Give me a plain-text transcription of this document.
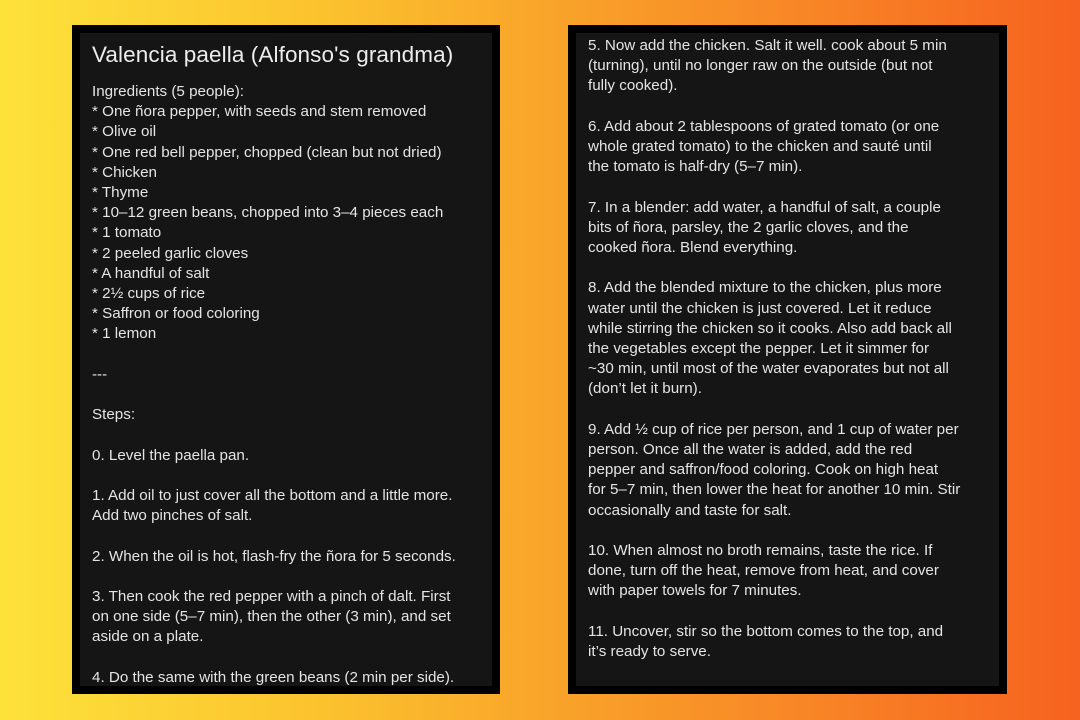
Valencia paella (Alfonso's grandma)
Ingredients (5 people):
* One ñora pepper, with seeds and stem removed
* Olive oil
* One red bell pepper, chopped (clean but not dried)
* Chicken
* Thyme
* 10–12 green beans, chopped into 3–4 pieces each
* 1 tomato
* 2 peeled garlic cloves
* A handful of salt
* 2½ cups of rice
* Saffron or food coloring
* 1 lemon
---
Steps:
0. Level the paella pan.
1. Add oil to just cover all the bottom and a little more.
Add two pinches of salt.
2. When the oil is hot, flash-fry the ñora for 5 seconds.
3. Then cook the red pepper with a pinch of dalt. First
on one side (5–7 min), then the other (3 min), and set
aside on a plate.
4. Do the same with the green beans (2 min per side).
5. Now add the chicken. Salt it well. cook about 5 min
(turning), until no longer raw on the outside (but not
fully cooked).
6. Add about 2 tablespoons of grated tomato (or one
whole grated tomato) to the chicken and sauté until
the tomato is half-dry (5–7 min).
7. In a blender: add water, a handful of salt, a couple
bits of ñora, parsley, the 2 garlic cloves, and the
cooked ñora. Blend everything.
8. Add the blended mixture to the chicken, plus more
water until the chicken is just covered. Let it reduce
while stirring the chicken so it cooks. Also add back all
the vegetables except the pepper. Let it simmer for
~30 min, until most of the water evaporates but not all
(don’t let it burn).
9. Add ½ cup of rice per person, and 1 cup of water per
person. Once all the water is added, add the red
pepper and saffron/food coloring. Cook on high heat
for 5–7 min, then lower the heat for another 10 min. Stir
occasionally and taste for salt.
10. When almost no broth remains, taste the rice. If
done, turn off the heat, remove from heat, and cover
with paper towels for 7 minutes.
11. Uncover, stir so the bottom comes to the top, and
it’s ready to serve.
